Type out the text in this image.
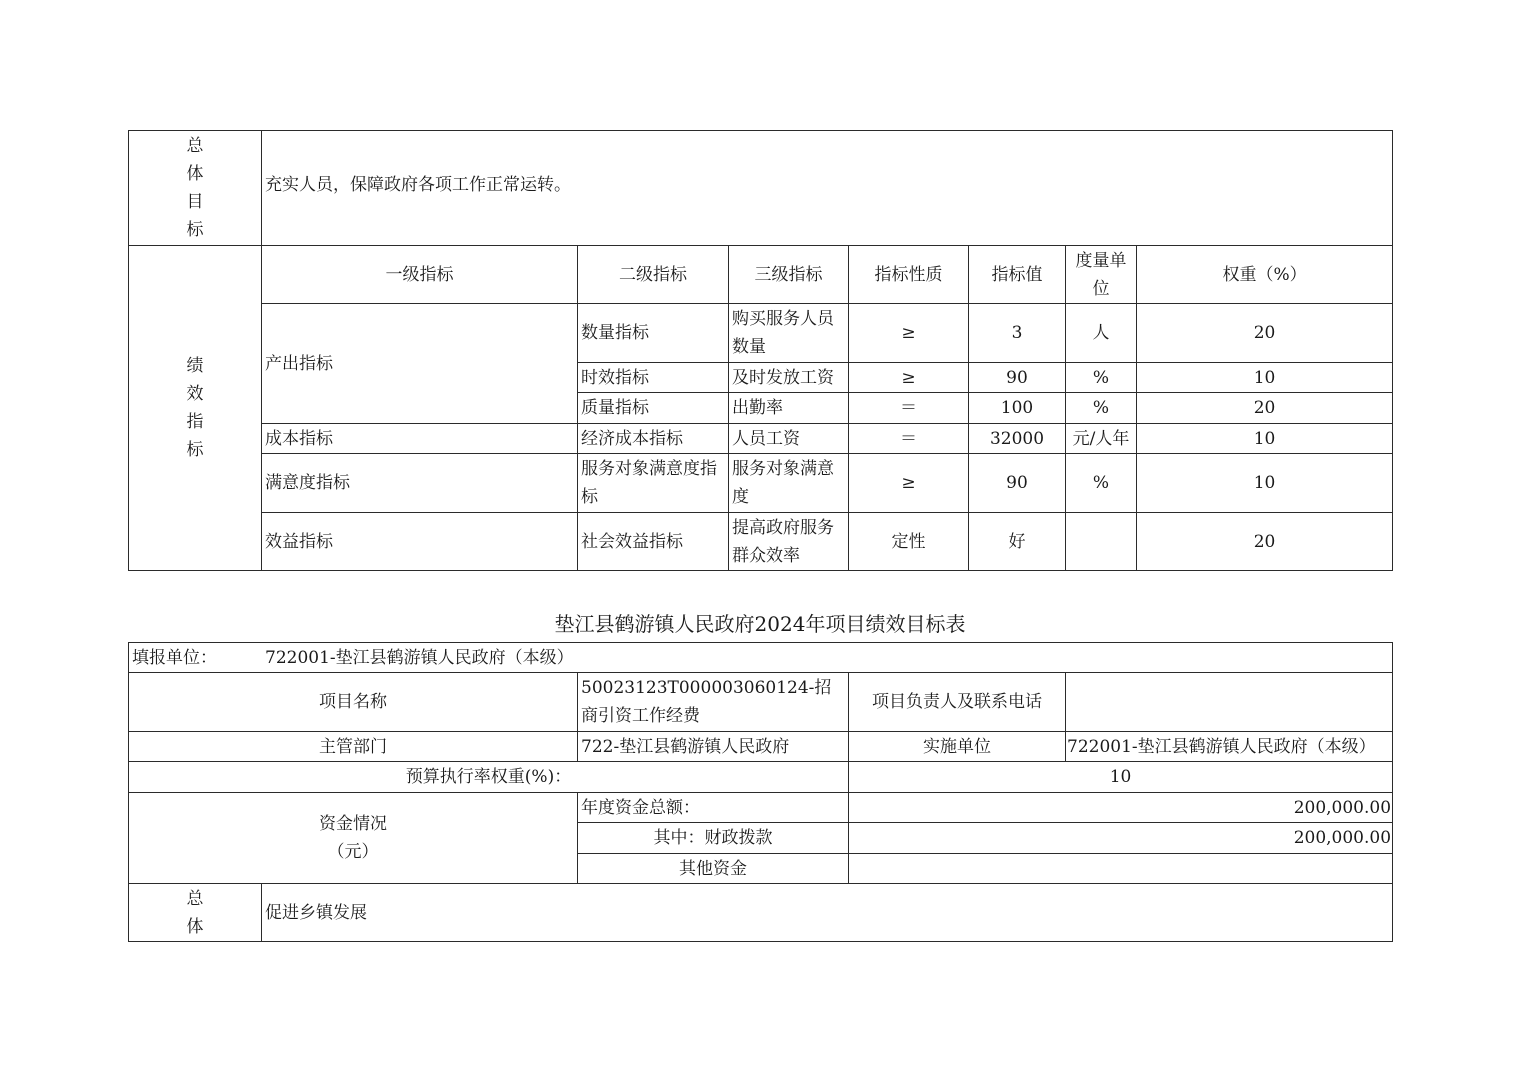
总
体
目
标	充实人员，保障政府各项工作正常运转。						

绩
效
指
标	一级指标	二级指标	三级指标	指标性质	指标值	度量单位	权重（%）
	产出指标	数量指标	购买服务人员数量	≥	3	人	20
		时效指标	及时发放工资	≥	90	%	10
		质量指标	出勤率	＝	100	%	20
	成本指标	经济成本指标	人员工资	＝	32000	元/人年	10
	满意度指标	服务对象满意度指标	服务对象满意度	≥	90	%	10
	效益指标	社会效益指标	提高政府服务群众效率	定性	好		20
垫江县鹤游镇人民政府2024年项目绩效目标表
填报单位： 722001-垫江县鹤游镇人民政府（本级）				
项目名称		50023123T000003060124-招商引资工作经费	项目负责人及联系电话	
主管部门		722-垫江县鹤游镇人民政府	实施单位	722001-垫江县鹤游镇人民政府（本级）
预算执行率权重(%)：			10	

资金情况
（元）		年度资金总额：	200,000.00	
		其中：财政拨款	200,000.00	
		其他资金		

总
体	促进乡镇发展			
